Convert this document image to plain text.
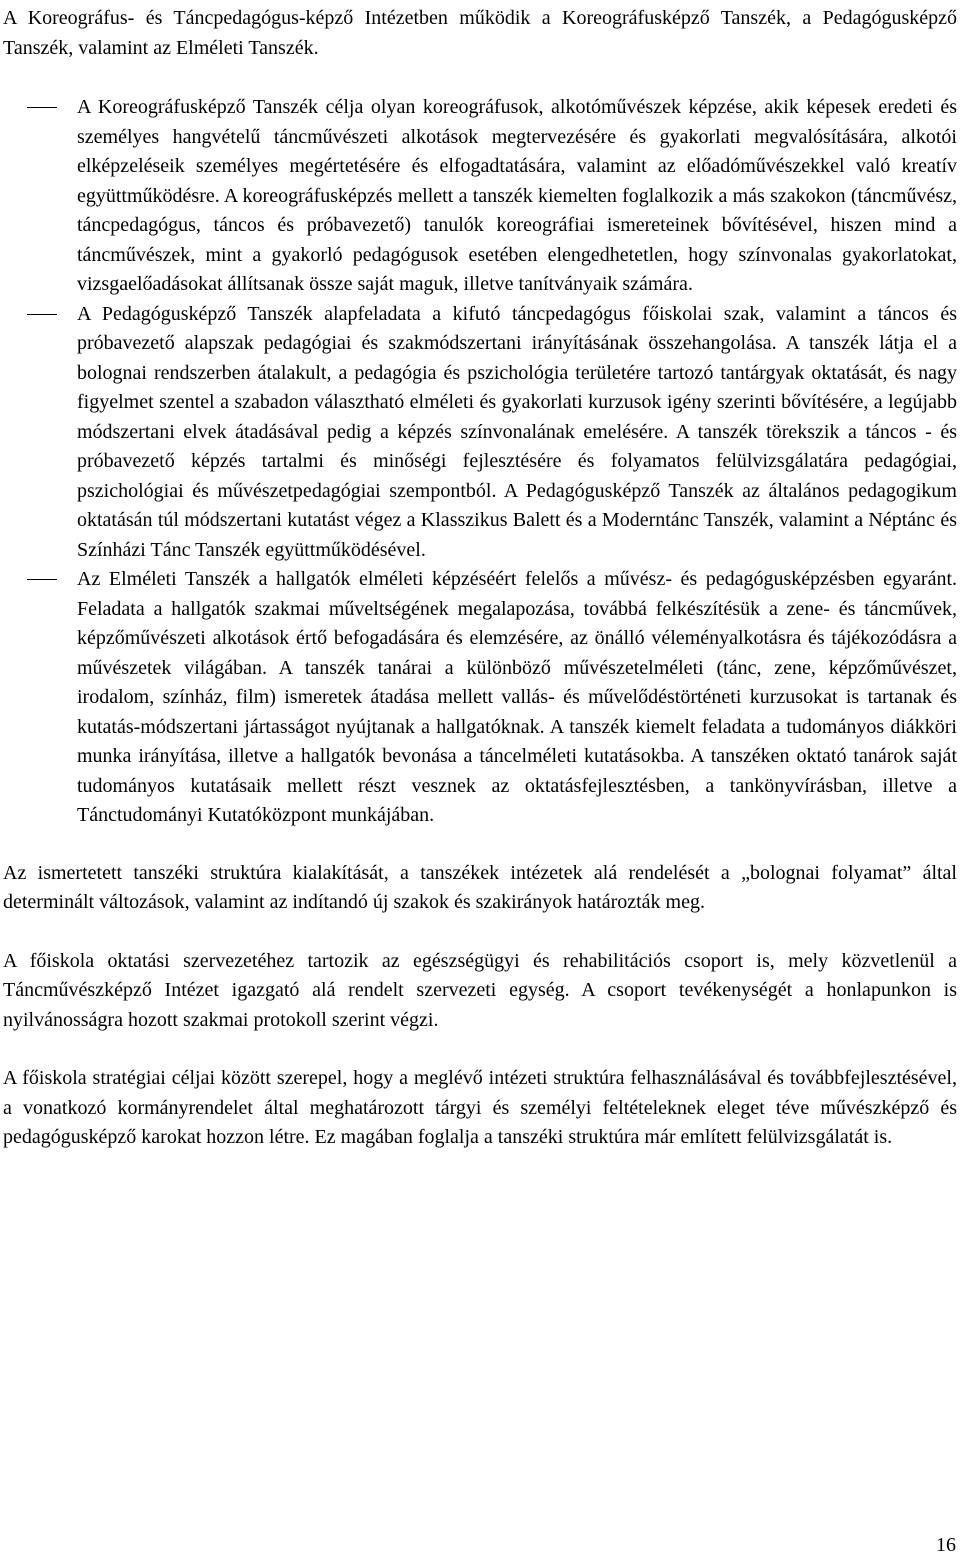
A Koreográfus- és Táncpedagógus-képző Intézetben működik a Koreográfusképző Tanszék, a Pedagógusképző Tanszék, valamint az Elméleti Tanszék.

A Koreográfusképző Tanszék célja olyan koreográfusok, alkotóművészek képzése, akik képesek eredeti és személyes hangvételű táncművészeti alkotások megtervezésére és gyakorlati megvalósítására, alkotói elképzeléseik személyes megértetésére és elfogadtatására, valamint az előadóművészekkel való kreatív együttműködésre. A koreográfusképzés mellett a tanszék kiemelten foglalkozik a más szakokon (táncművész, táncpedagógus, táncos és próbavezető) tanulók koreográfiai ismereteinek bővítésével, hiszen mind a táncművészek, mint a gyakorló pedagógusok esetében elengedhetetlen, hogy színvonalas gyakorlatokat, vizsgaelőadásokat állítsanak össze saját maguk, illetve tanítványaik számára.

A Pedagógusképző Tanszék alapfeladata a kifutó táncpedagógus főiskolai szak, valamint a táncos és próbavezető alapszak pedagógiai és szakmódszertani irányításának összehangolása. A tanszék látja el a bolognai rendszerben átalakult, a pedagógia és pszichológia területére tartozó tantárgyak oktatását, és nagy figyelmet szentel a szabadon választható elméleti és gyakorlati kurzusok igény szerinti bővítésére, a legújabb módszertani elvek átadásával pedig a képzés színvonalának emelésére. A tanszék törekszik a táncos - és próbavezető képzés tartalmi és minőségi fejlesztésére és folyamatos felülvizsgálatára pedagógiai, pszichológiai és művészetpedagógiai szempontból. A Pedagógusképző Tanszék az általános pedagogikum oktatásán túl módszertani kutatást végez a Klasszikus Balett és a Moderntánc Tanszék, valamint a Néptánc és Színházi Tánc Tanszék együttműködésével.

Az Elméleti Tanszék a hallgatók elméleti képzéséért felelős a művész- és pedagógusképzésben egyaránt. Feladata a hallgatók szakmai műveltségének megalapozása, továbbá felkészítésük a zene- és táncművek, képzőművészeti alkotások értő befogadására és elemzésére, az önálló véleményalkotásra és tájékozódásra a művészetek világában. A tanszék tanárai a különböző művészetelméleti (tánc, zene, képzőművészet, irodalom, színház, film) ismeretek átadása mellett vallás- és művelődéstörténeti kurzusokat is tartanak és kutatás-módszertani jártasságot nyújtanak a hallgatóknak. A tanszék kiemelt feladata a tudományos diákköri munka irányítása, illetve a hallgatók bevonása a táncelméleti kutatásokba. A tanszéken oktató tanárok saját tudományos kutatásaik mellett részt vesznek az oktatásfejlesztésben, a tankönyvírásban, illetve a Tánctudományi Kutatóközpont munkájában.

Az ismertetett tanszéki struktúra kialakítását, a tanszékek intézetek alá rendelését a „bolognai folyamat” által determinált változások, valamint az indítandó új szakok és szakirányok határozták meg.

A főiskola oktatási szervezetéhez tartozik az egészségügyi és rehabilitációs csoport is, mely közvetlenül a Táncművészképző Intézet igazgató alá rendelt szervezeti egység. A csoport tevékenységét a honlapunkon is nyilvánosságra hozott szakmai protokoll szerint végzi.

A főiskola stratégiai céljai között szerepel, hogy a meglévő intézeti struktúra felhasználásával és továbbfejlesztésével, a vonatkozó kormányrendelet által meghatározott tárgyi és személyi feltételeknek eleget téve művészképző és pedagógusképző karokat hozzon létre. Ez magában foglalja a tanszéki struktúra már említett felülvizsgálatát is.

16
